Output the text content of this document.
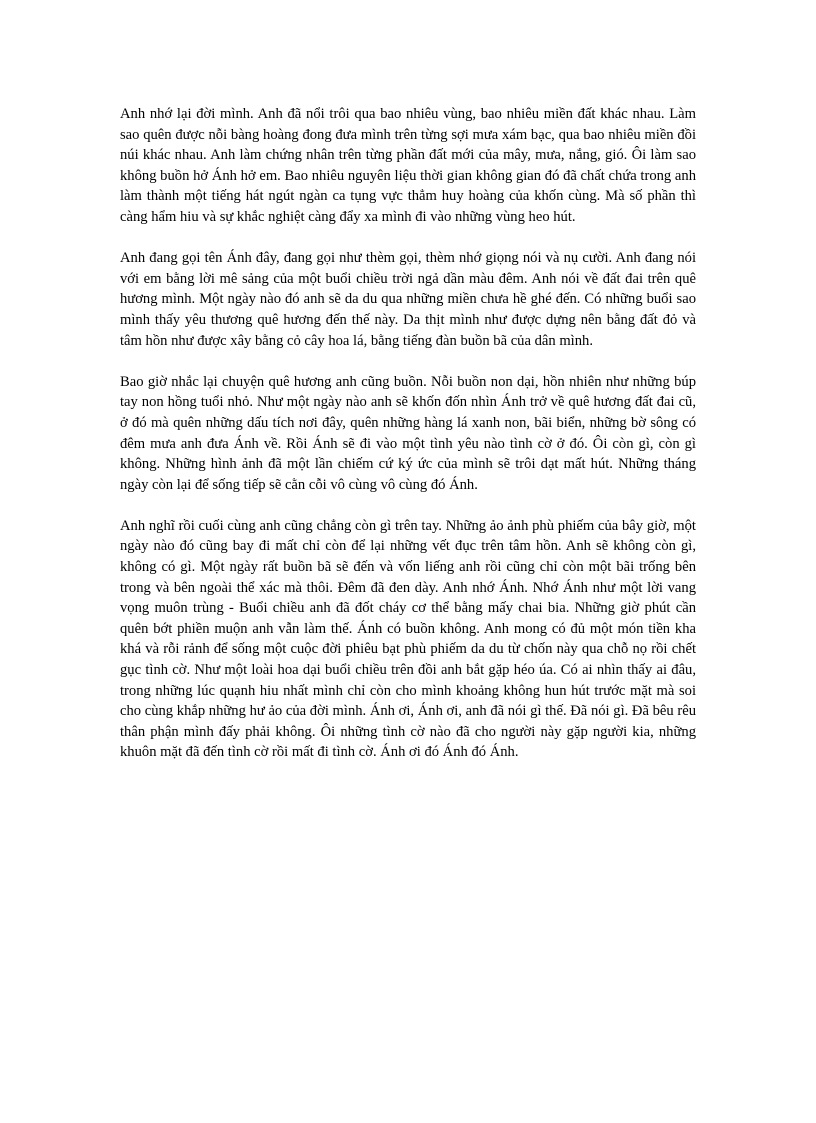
Anh nhớ lại đời mình. Anh đã nổi trôi qua bao nhiêu vùng, bao nhiêu miền đất khác nhau. Làm sao quên được nỗi bàng hoàng đong đưa mình trên từng sợi mưa xám bạc, qua bao nhiêu miền đồi núi khác nhau. Anh làm chứng nhân trên từng phần đất mới của mây, mưa, nắng, gió. Ôi làm sao không buồn hở Ánh hở em. Bao nhiêu nguyên liệu thời gian không gian đó đã chất chứa trong anh làm thành một tiếng hát ngút ngàn ca tụng vực thẳm huy hoàng của khốn cùng. Mà số phần thì càng hẩm hiu và sự khắc nghiệt càng đẩy xa mình đi vào những vùng heo hút.

Anh đang gọi tên Ánh đây, đang gọi như thèm gọi, thèm nhớ giọng nói và nụ cười. Anh đang nói với em bằng lời mê sảng của một buổi chiều trời ngả dần màu đêm. Anh nói về đất đai trên quê hương mình. Một ngày nào đó anh sẽ da du qua những miền chưa hề ghé đến. Có những buổi sao mình thấy yêu thương quê hương đến thế này. Da thịt mình như được dựng nên bằng đất đỏ và tâm hồn như được xây bằng cỏ cây hoa lá, bằng tiếng đàn buồn bã của dân mình.

Bao giờ nhắc lại chuyện quê hương anh cũng buồn. Nỗi buồn non dại, hồn nhiên như những búp tay non hồng tuổi nhỏ. Như một ngày nào anh sẽ khốn đốn nhìn Ánh trở về quê hương đất đai cũ, ở đó mà quên những dấu tích nơi đây, quên những hàng lá xanh non, bãi biển, những bờ sông có đêm mưa anh đưa Ánh về. Rồi Ánh sẽ đi vào một tình yêu nào tình cờ ở đó. Ôi còn gì, còn gì không. Những hình ảnh đã một lần chiếm cứ ký ức của mình sẽ trôi dạt mất hút. Những tháng ngày còn lại để sống tiếp sẽ cằn cỗi vô cùng vô cùng đó Ánh.

Anh nghĩ rồi cuối cùng anh cũng chẳng còn gì trên tay. Những ảo ảnh phù phiếm của bây giờ, một ngày nào đó cũng bay đi mất chỉ còn để lại những vết đục trên tâm hồn. Anh sẽ không còn gì, không có gì. Một ngày rất buồn bã sẽ đến và vốn liếng anh rồi cũng chỉ còn một bãi trống bên trong và bên ngoài thể xác mà thôi. Đêm đã đen dày. Anh nhớ Ánh. Nhớ Ánh như một lời vang vọng muôn trùng - Buổi chiều anh đã đốt cháy cơ thể bằng mấy chai bia. Những giờ phút cần quên bớt phiền muộn anh vẫn làm thế. Ánh có buồn không. Anh mong có đủ một món tiền kha khá và rỗi rảnh để sống một cuộc đời phiêu bạt phù phiếm da du từ chốn này qua chỗ nọ rồi chết gục tình cờ. Như một loài hoa dại buổi chiều trên đồi anh bắt gặp héo úa. Có ai nhìn thấy ai đâu, trong những lúc quạnh hiu nhất mình chỉ còn cho mình khoảng không hun hút trước mặt mà soi cho cùng khắp những hư ảo của đời mình. Ánh ơi, Ánh ơi, anh đã nói gì thế. Đã nói gì. Đã bêu rêu thân phận mình đấy phải không. Ôi những tình cờ nào đã cho người này gặp người kia, những khuôn mặt đã đến tình cờ rồi mất đi tình cờ. Ánh ơi đó Ánh đó Ánh.
